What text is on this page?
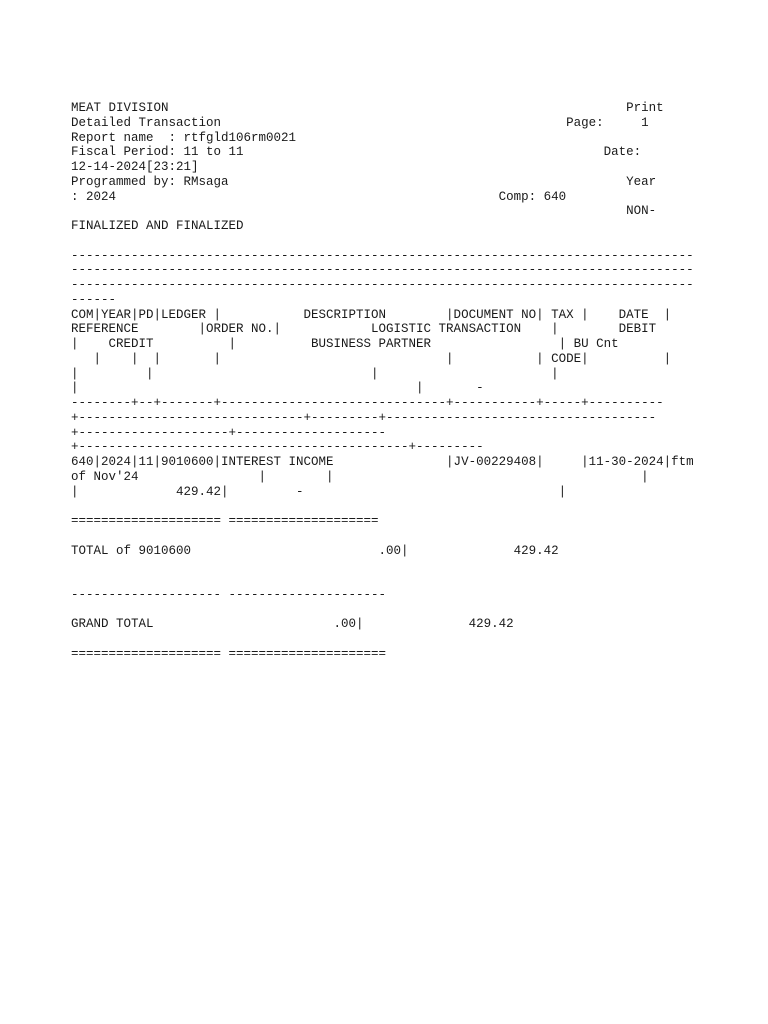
MEAT DIVISION                                                             Print
Detailed Transaction                                              Page:     1
Report name  : rtfgld106rm0021
Fiscal Period: 11 to 11                                                Date:
12-14-2024[23:21]
Programmed by: RMsaga                                                     Year
: 2024                                                   Comp: 640
NON-
FINALIZED AND FINALIZED
-----------------------------------------------------------------------------------
-----------------------------------------------------------------------------------
-----------------------------------------------------------------------------------
------
COM|YEAR|PD|LEDGER |           DESCRIPTION        |DOCUMENT NO| TAX |    DATE  |
REFERENCE        |ORDER NO.|            LOGISTIC TRANSACTION    |        DEBIT
|    CREDIT          |          BUSINESS PARTNER                 | BU Cnt
|    |  |       |                              |           | CODE|          |
|         |                             |                       |
|                                             |       -
--------+--+-------+------------------------------+-----------+-----+----------
+------------------------------+---------+------------------------------------
+--------------------+--------------------
+--------------------------------------------+---------
640|2024|11|9010600|INTEREST INCOME               |JV-00229408|     |11-30-2024|ftm
of Nov'24                |        |                                         |
|             429.42|         -                                  |
==================== ====================
TOTAL of 9010600                         .00|              429.42
-------------------- ---------------------
GRAND TOTAL                        .00|              429.42
==================== =====================
